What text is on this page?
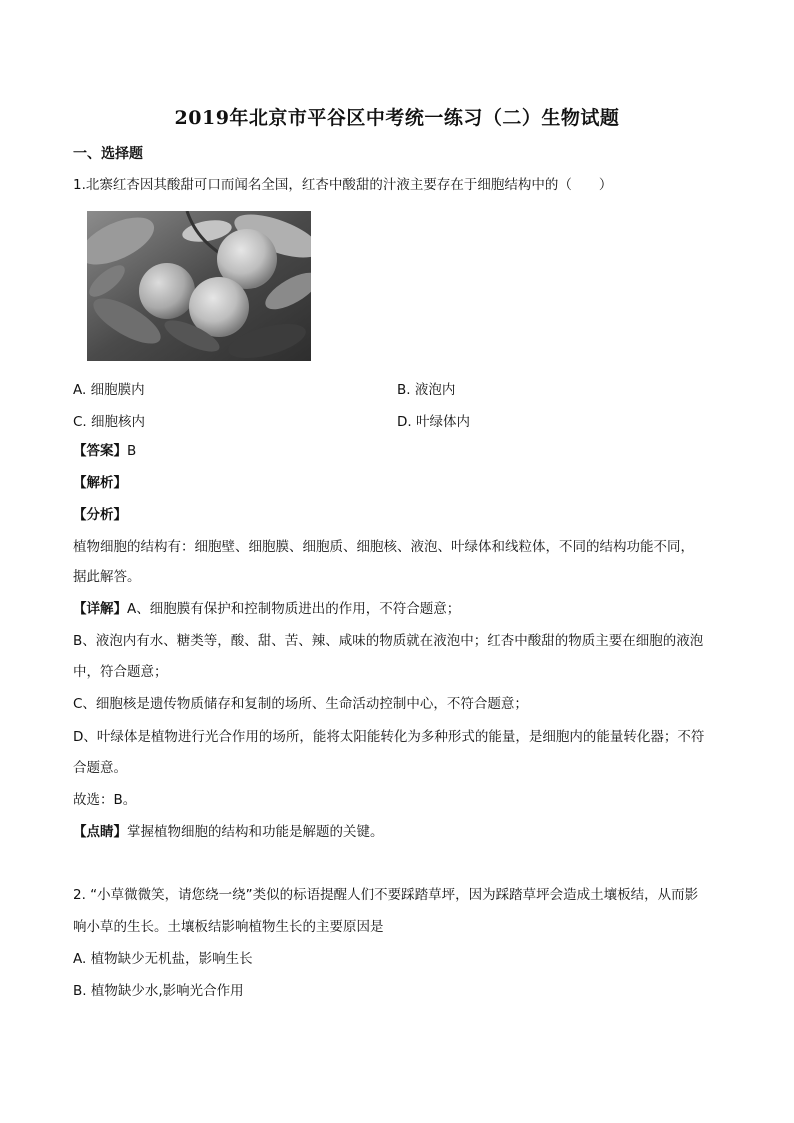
2019年北京市平谷区中考统一练习（二）生物试题
一、选择题
1.北寨红杏因其酸甜可口而闻名全国，红杏中酸甜的汁液主要存在于细胞结构中的（　　）
A. 细胞膜内	B. 液泡内
C. 细胞核内	D. 叶绿体内
【答案】B
【解析】
【分析】
植物细胞的结构有：细胞壁、细胞膜、细胞质、细胞核、液泡、叶绿体和线粒体，不同的结构功能不同，
据此解答。
【详解】A、细胞膜有保护和控制物质进出的作用，不符合题意；
B、液泡内有水、糖类等，酸、甜、苦、辣、咸味的物质就在液泡中；红杏中酸甜的物质主要在细胞的液泡
中，符合题意；
C、细胞核是遗传物质储存和复制的场所、生命活动控制中心，不符合题意；
D、叶绿体是植物进行光合作用的场所，能将太阳能转化为多种形式的能量，是细胞内的能量转化器；不符
合题意。
故选：B。
【点睛】掌握植物细胞的结构和功能是解题的关键。
2. “小草微微笑，请您绕一绕”类似的标语提醒人们不要踩踏草坪，因为踩踏草坪会造成土壤板结，从而影
响小草的生长。土壤板结影响植物生长的主要原因是
A. 植物缺少无机盐，影响生长
B. 植物缺少水,影响光合作用
